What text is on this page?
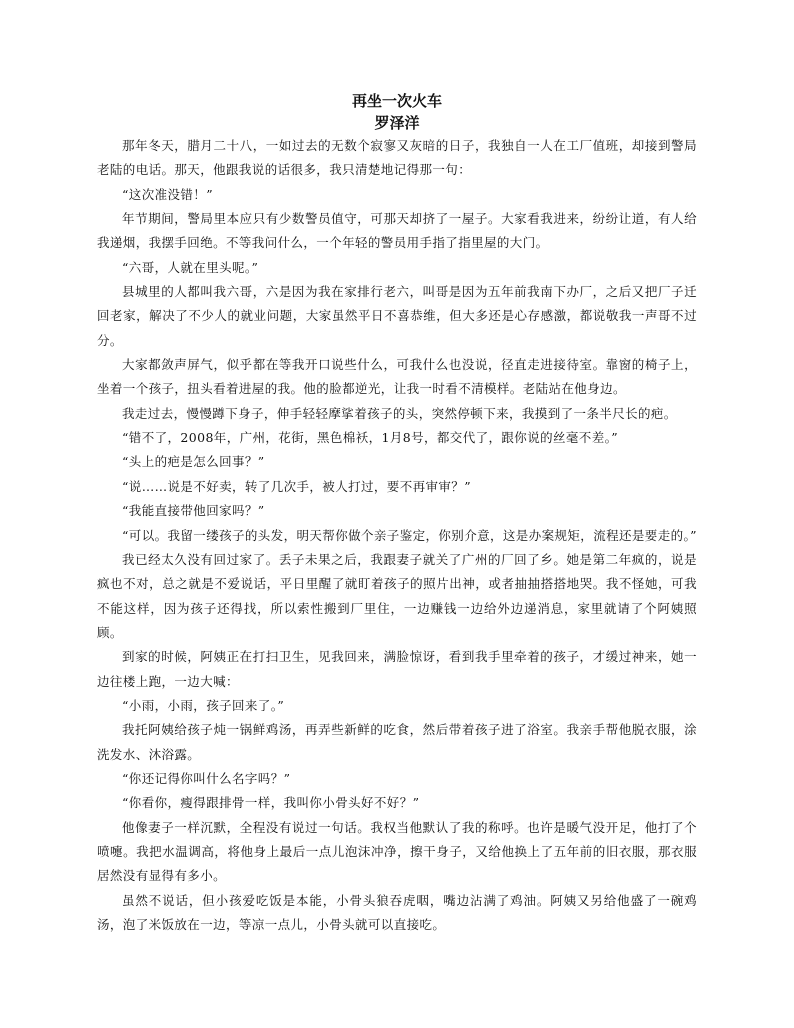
再坐一次火车
罗泽洋

那年冬天，腊月二十八，一如过去的无数个寂寥又灰暗的日子，我独自一人在工厂值班，却接到警局老陆的电话。那天，他跟我说的话很多，我只清楚地记得那一句：

“这次准没错！”

年节期间，警局里本应只有少数警员值守，可那天却挤了一屋子。大家看我进来，纷纷让道，有人给我递烟，我摆手回绝。不等我问什么，一个年轻的警员用手指了指里屋的大门。

“六哥，人就在里头呢。”

县城里的人都叫我六哥，六是因为我在家排行老六，叫哥是因为五年前我南下办厂，之后又把厂子迁回老家，解决了不少人的就业问题，大家虽然平日不喜恭维，但大多还是心存感激，都说敬我一声哥不过分。

大家都敛声屏气，似乎都在等我开口说些什么，可我什么也没说，径直走进接待室。靠窗的椅子上，坐着一个孩子，扭头看着进屋的我。他的脸都逆光，让我一时看不清模样。老陆站在他身边。

我走过去，慢慢蹲下身子，伸手轻轻摩挲着孩子的头，突然停顿下来，我摸到了一条半尺长的疤。

“错不了，2008年，广州，花街，黑色棉袄，1月8号，都交代了，跟你说的丝毫不差。”

“头上的疤是怎么回事？”

“说……说是不好卖，转了几次手，被人打过，要不再审审？”

“我能直接带他回家吗？”

“可以。我留一缕孩子的头发，明天帮你做个亲子鉴定，你别介意，这是办案规矩，流程还是要走的。”

我已经太久没有回过家了。丢子未果之后，我跟妻子就关了广州的厂回了乡。她是第二年疯的，说是疯也不对，总之就是不爱说话，平日里醒了就盯着孩子的照片出神，或者抽抽搭搭地哭。我不怪她，可我不能这样，因为孩子还得找，所以索性搬到厂里住，一边赚钱一边给外边递消息，家里就请了个阿姨照顾。

到家的时候，阿姨正在打扫卫生，见我回来，满脸惊讶，看到我手里牵着的孩子，才缓过神来，她一边往楼上跑，一边大喊：

“小雨，小雨，孩子回来了。”

我托阿姨给孩子炖一锅鲜鸡汤，再弄些新鲜的吃食，然后带着孩子进了浴室。我亲手帮他脱衣服，涂洗发水、沐浴露。

“你还记得你叫什么名字吗？”

“你看你，瘦得跟排骨一样，我叫你小骨头好不好？”

他像妻子一样沉默，全程没有说过一句话。我权当他默认了我的称呼。也许是暖气没开足，他打了个喷嚏。我把水温调高，将他身上最后一点儿泡沫冲净，擦干身子，又给他换上了五年前的旧衣服，那衣服居然没有显得有多小。

虽然不说话，但小孩爱吃饭是本能，小骨头狼吞虎咽，嘴边沾满了鸡油。阿姨又另给他盛了一碗鸡汤，泡了米饭放在一边，等凉一点儿，小骨头就可以直接吃。
